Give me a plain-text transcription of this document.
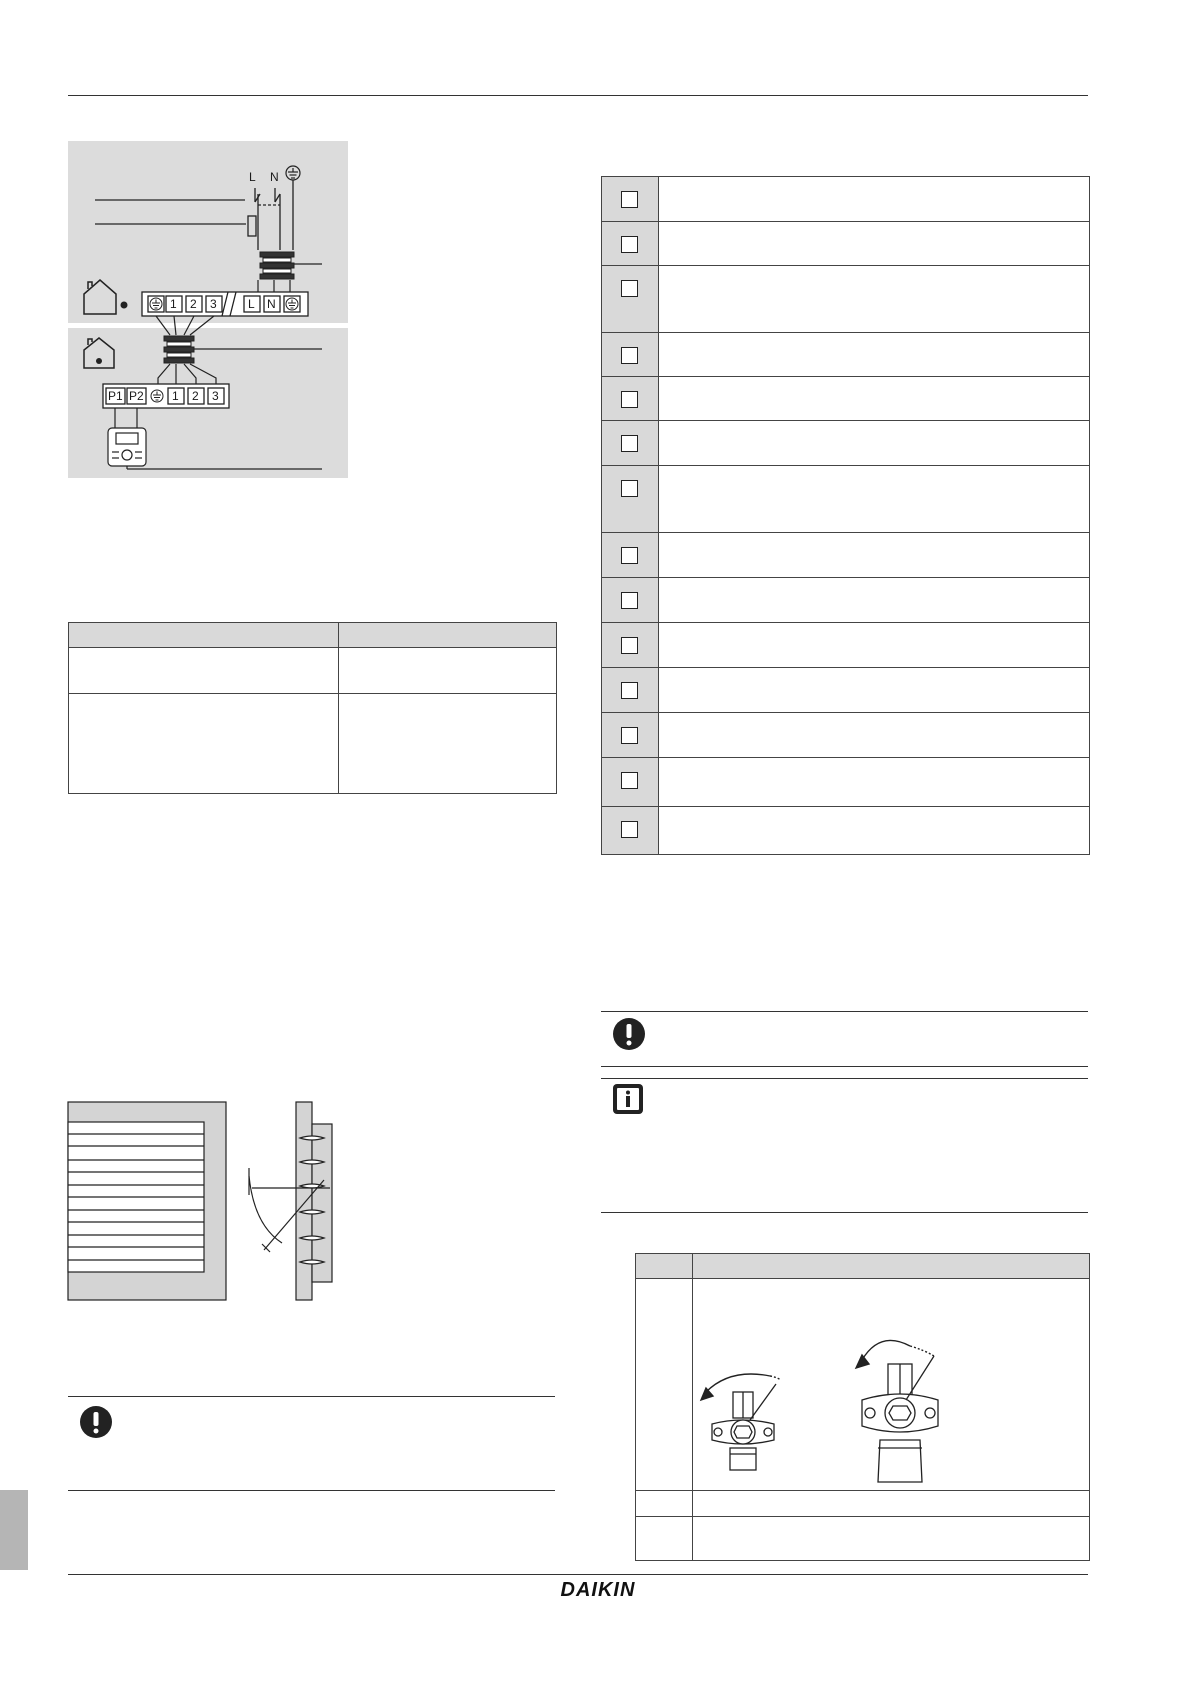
L N
1 2 3	L N
P1 P2 1 2 3
DAIKIN
